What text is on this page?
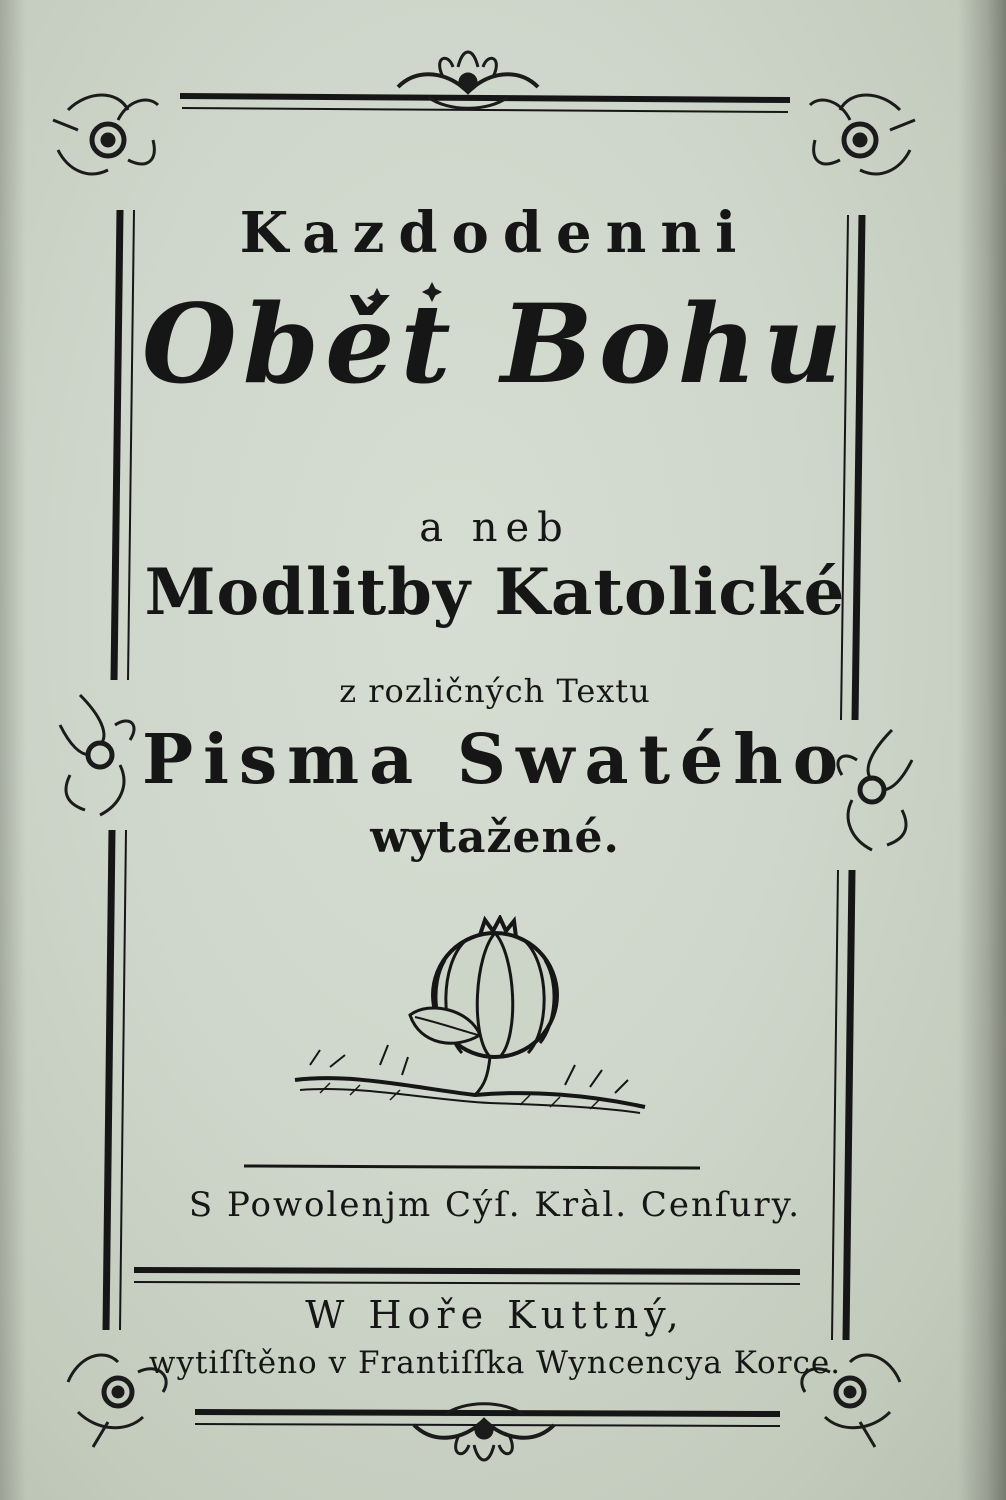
Kazdodenni
Obět Bohu
a neb
Modlitby Katolické
z rozličných Textu
Pisma Swatého
wytažené.
S Powolenjm Cýſ. Kràl. Cenſury.
W Hoře Kuttný,
wytiſſtěno v Frantiſſka Wyncencya Korce.
